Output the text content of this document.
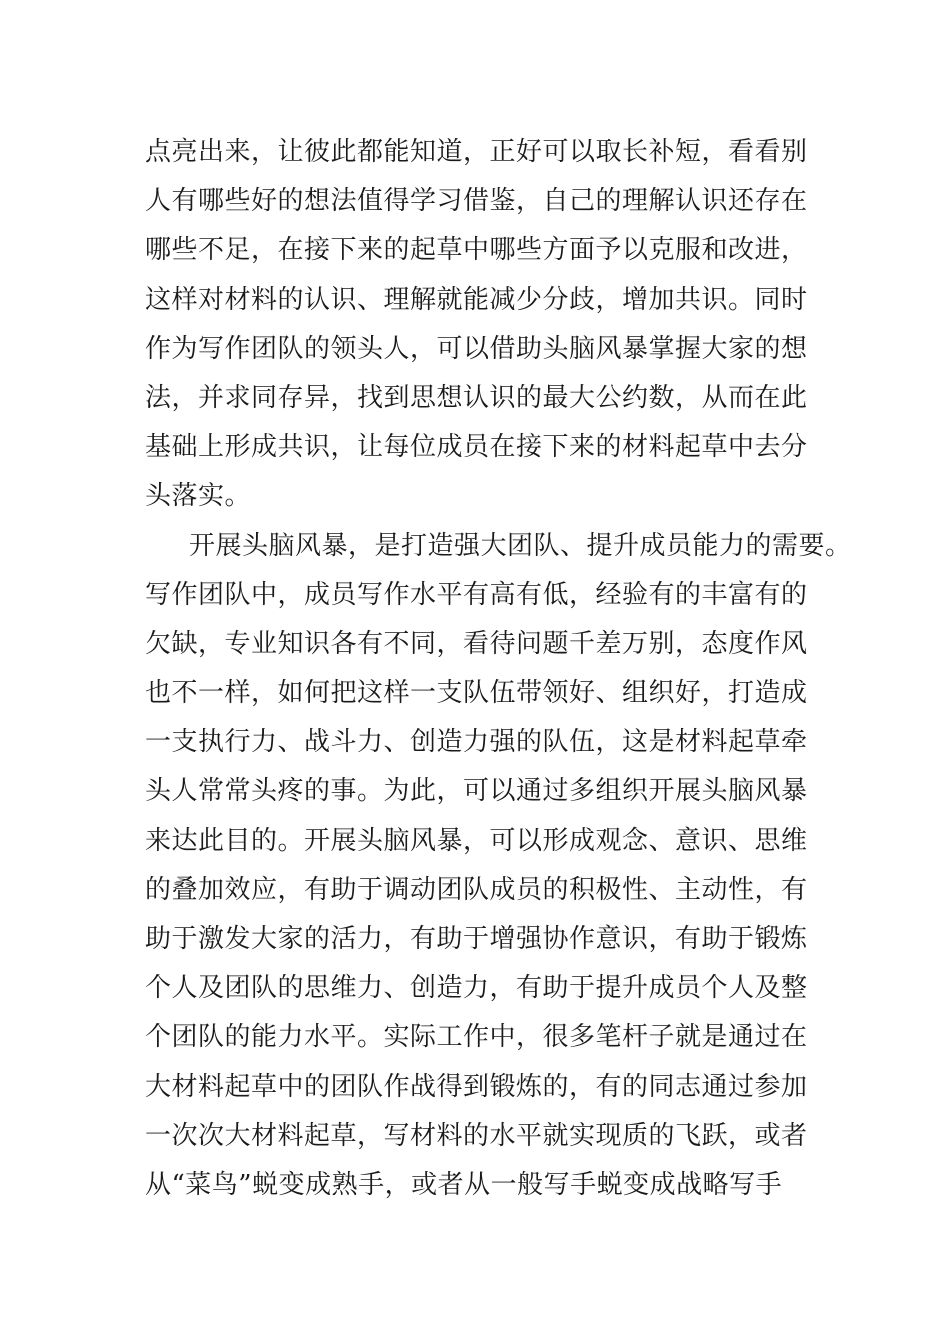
点亮出来，让彼此都能知道，正好可以取长补短，看看别
人有哪些好的想法值得学习借鉴，自己的理解认识还存在
哪些不足，在接下来的起草中哪些方面予以克服和改进，
这样对材料的认识、理解就能减少分歧，增加共识。同时
作为写作团队的领头人，可以借助头脑风暴掌握大家的想
法，并求同存异，找到思想认识的最大公约数，从而在此
基础上形成共识，让每位成员在接下来的材料起草中去分
头落实。
开展头脑风暴，是打造强大团队、提升成员能力的需要。
写作团队中，成员写作水平有高有低，经验有的丰富有的
欠缺，专业知识各有不同，看待问题千差万别，态度作风
也不一样，如何把这样一支队伍带领好、组织好，打造成
一支执行力、战斗力、创造力强的队伍，这是材料起草牵
头人常常头疼的事。为此，可以通过多组织开展头脑风暴
来达此目的。开展头脑风暴，可以形成观念、意识、思维
的叠加效应，有助于调动团队成员的积极性、主动性，有
助于激发大家的活力，有助于增强协作意识，有助于锻炼
个人及团队的思维力、创造力，有助于提升成员个人及整
个团队的能力水平。实际工作中，很多笔杆子就是通过在
大材料起草中的团队作战得到锻炼的，有的同志通过参加
一次次大材料起草，写材料的水平就实现质的飞跃，或者
从“菜鸟”蜕变成熟手，或者从一般写手蜕变成战略写手
